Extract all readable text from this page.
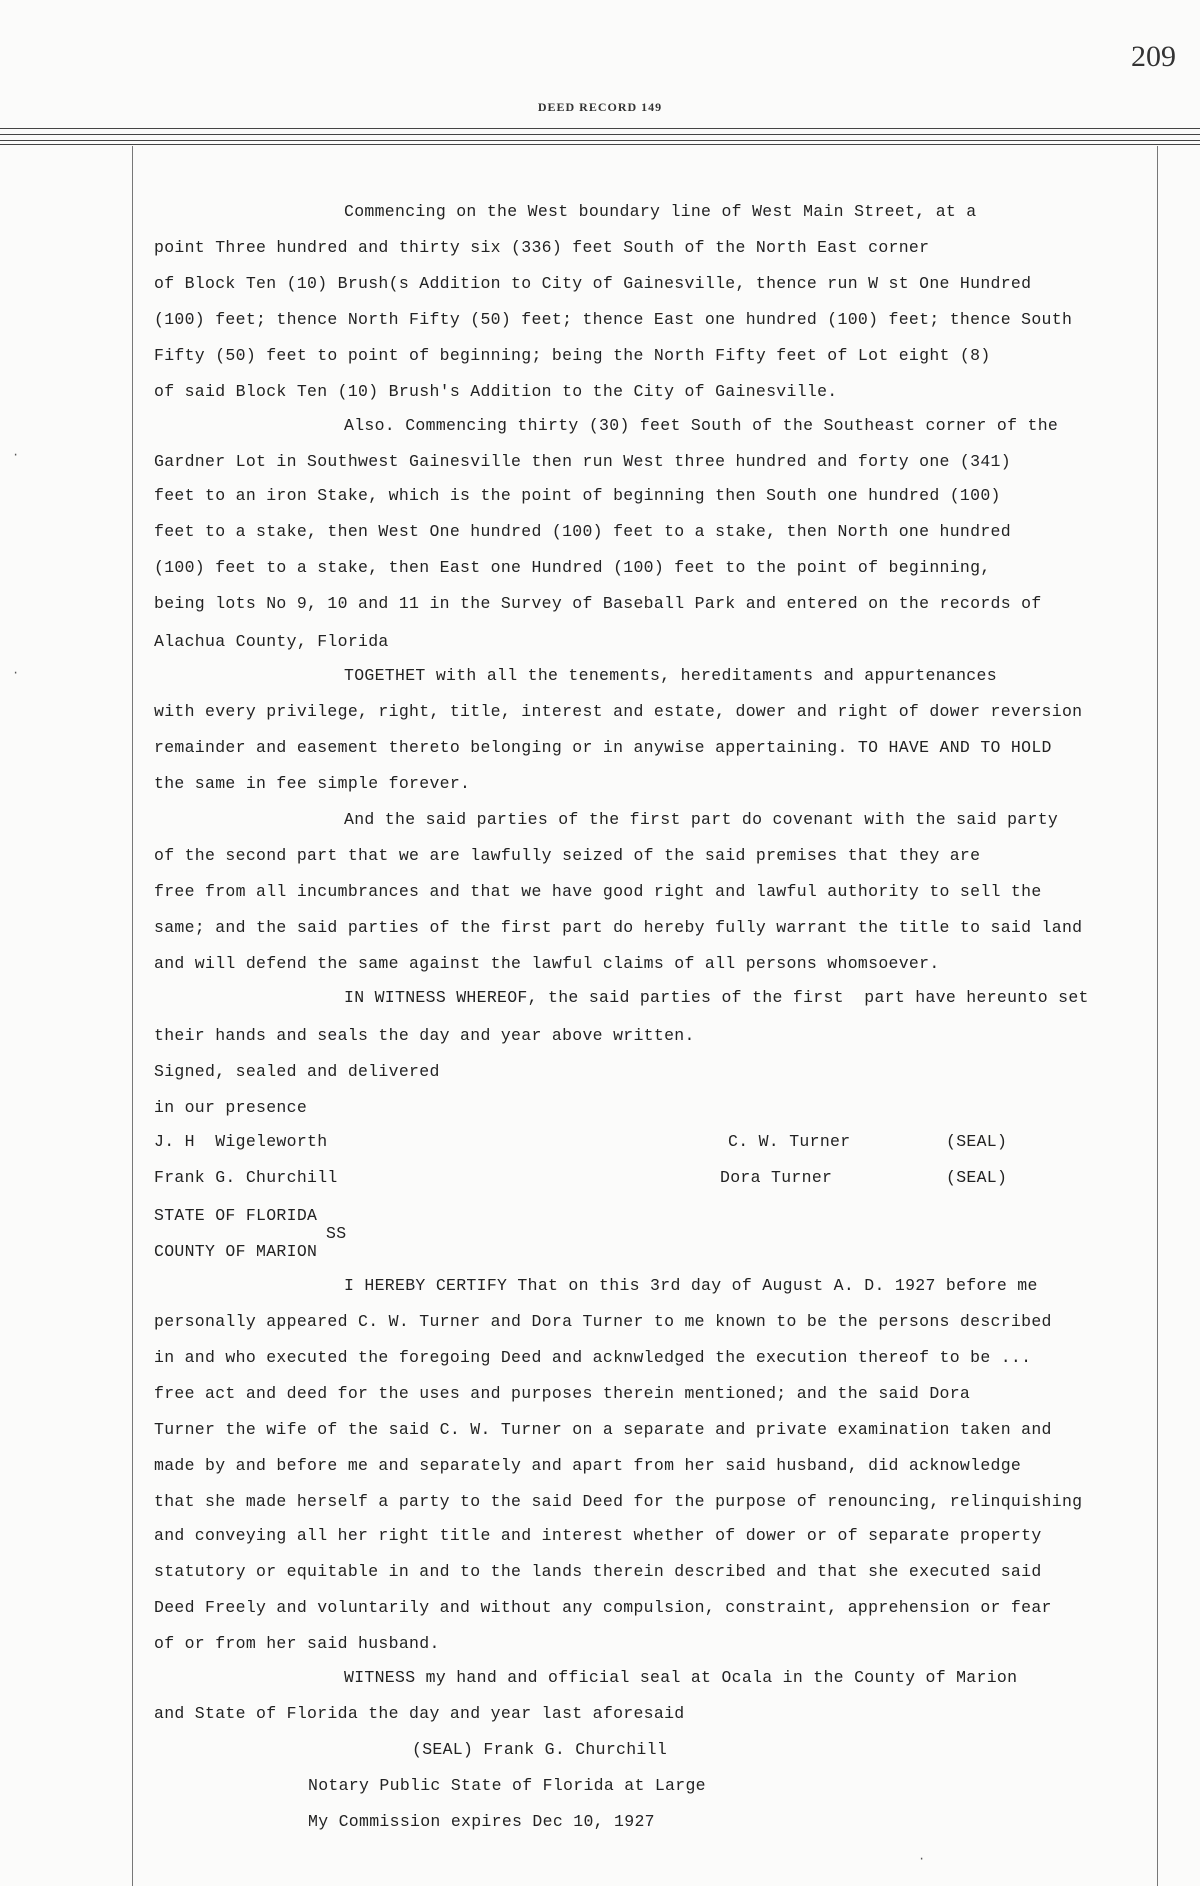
209
DEED RECORD 149
·
·
·
Commencing on the West boundary line of West Main Street, at a
point Three hundred and thirty six (336) feet South of the North East corner
of Block Ten (10) Brush(s Addition to City of Gainesville, thence run W st One Hundred
(100) feet; thence North Fifty (50) feet; thence East one hundred (100) feet; thence South
Fifty (50) feet to point of beginning; being the North Fifty feet of Lot eight (8)
of said Block Ten (10) Brush's Addition to the City of Gainesville.
Also. Commencing thirty (30) feet South of the Southeast corner of the
Gardner Lot in Southwest Gainesville then run West three hundred and forty one (341)
feet to an iron Stake, which is the point of beginning then South one hundred (100)
feet to a stake, then West One hundred (100) feet to a stake, then North one hundred
(100) feet to a stake, then East one Hundred (100) feet to the point of beginning,
being lots No 9, 10 and 11 in the Survey of Baseball Park and entered on the records of
Alachua County, Florida
TOGETHET with all the tenements, hereditaments and appurtenances
with every privilege, right, title, interest and estate, dower and right of dower reversion
remainder and easement thereto belonging or in anywise appertaining. TO HAVE AND TO HOLD
the same in fee simple forever.
And the said parties of the first part do covenant with the said party
of the second part that we are lawfully seized of the said premises that they are
free from all incumbrances and that we have good right and lawful authority to sell the
same; and the said parties of the first part do hereby fully warrant the title to said land
and will defend the same against the lawful claims of all persons whomsoever.
IN WITNESS WHEREOF, the said parties of the first  part have hereunto set
their hands and seals the day and year above written.
Signed, sealed and delivered
in our presence
J. H  Wigeleworth	C. W. Turner	(SEAL)
Frank G. Churchill	Dora Turner	(SEAL)
STATE OF FLORIDA
SS
COUNTY OF MARION
I HEREBY CERTIFY That on this 3rd day of August A. D. 1927 before me
personally appeared C. W. Turner and Dora Turner to me known to be the persons described
in and who executed the foregoing Deed and acknwledged the execution thereof to be ...
free act and deed for the uses and purposes therein mentioned; and the said Dora
Turner the wife of the said C. W. Turner on a separate and private examination taken and
made by and before me and separately and apart from her said husband, did acknowledge
that she made herself a party to the said Deed for the purpose of renouncing, relinquishing
and conveying all her right title and interest whether of dower or of separate property
statutory or equitable in and to the lands therein described and that she executed said
Deed Freely and voluntarily and without any compulsion, constraint, apprehension or fear
of or from her said husband.
WITNESS my hand and official seal at Ocala in the County of Marion
and State of Florida the day and year last aforesaid
(SEAL) Frank G. Churchill
Notary Public State of Florida at Large
My Commission expires Dec 10, 1927
